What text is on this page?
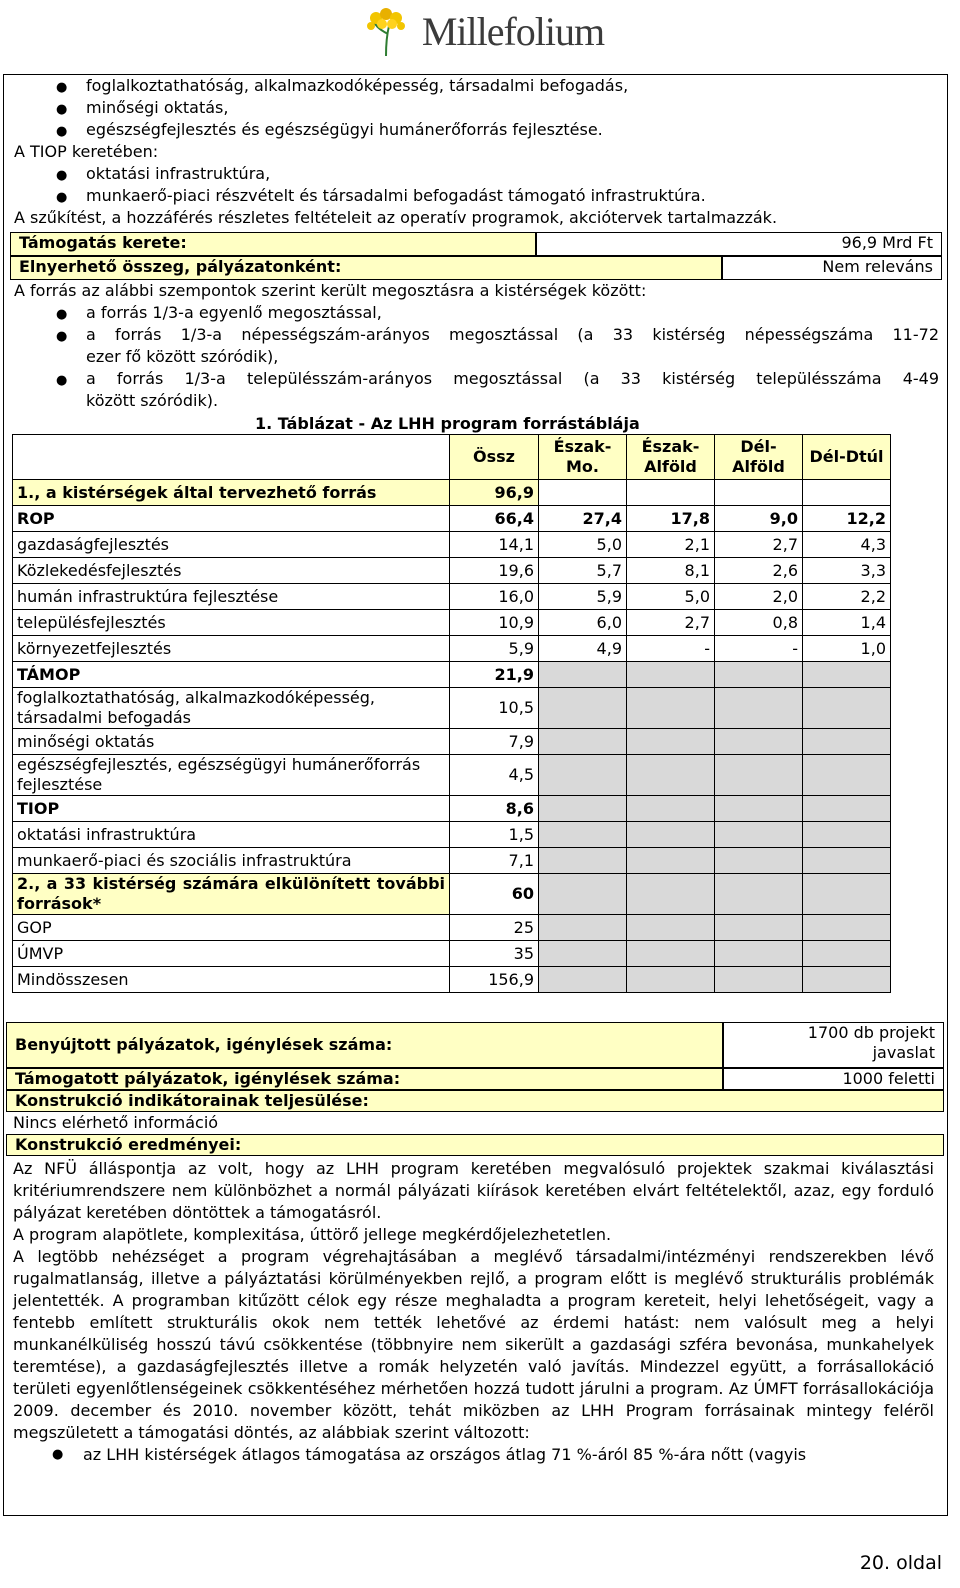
Millefolium
● foglalkoztathatóság, alkalmazkodóképesség, társadalmi befogadás,
● minőségi oktatás,
● egészségfejlesztés és egészségügyi humánerőforrás fejlesztése.
A TIOP keretében:
● oktatási infrastruktúra,
● munkaerő-piaci részvételt és társadalmi befogadást támogató infrastruktúra.
A szűkítést, a hozzáférés részletes feltételeit az operatív programok, akciótervek tartalmazzák.
Támogatás kerete:	96,9 Mrd Ft
Elnyerhető összeg, pályázatonként:	Nem releváns
A forrás az alábbi szempontok szerint került megosztásra a kistérségek között:
● a forrás 1/3-a egyenlő megosztással,
● a forrás 1/3-a népességszám-arányos megosztással (a 33 kistérség népességszáma 11-72
ezer fő között szóródik),
● a forrás 1/3-a településszám-arányos megosztással (a 33 kistérség településszáma 4-49
között szóródik).
1. Táblázat - Az LHH program forrástáblája
	Össz	Észak-Mo.	Észak-Alföld	Dél-Alföld	Dél-Dtúl
1., a kistérségek által tervezhető forrás	96,9				
ROP	66,4	27,4	17,8	9,0	12,2
gazdaságfejlesztés	14,1	5,0	2,1	2,7	4,3
Közlekedésfejlesztés	19,6	5,7	8,1	2,6	3,3
humán infrastruktúra fejlesztése	16,0	5,9	5,0	2,0	2,2
településfejlesztés	10,9	6,0	2,7	0,8	1,4
környezetfejlesztés	5,9	4,9	-	-	1,0
TÁMOP	21,9				
foglalkoztathatóság, alkalmazkodóképesség, társadalmi befogadás	10,5				
minőségi oktatás	7,9				
egészségfejlesztés, egészségügyi humánerőforrás fejlesztése	4,5				
TIOP	8,6				
oktatási infrastruktúra	1,5				
munkaerő-piaci és szociális infrastruktúra	7,1				
2., a 33 kistérség számára elkülönített további források*	60				
GOP	25				
ÚMVP	35				
Mindösszesen	156,9				
Benyújtott pályázatok, igénylések száma:
1700 db projekt
javaslat
Támogatott pályázatok, igénylések száma:	1000 feletti
Konstrukció indikátorainak teljesülése:
Nincs elérhető információ
Konstrukció eredményei:
Az NFÜ álláspontja az volt, hogy az LHH program keretében megvalósuló projektek szakmai kiválasztási kritériumrendszere nem különbözhet a normál pályázati kiírások keretében elvárt feltételektől, azaz, egy forduló pályázat keretében döntöttek a támogatásról.
A program alapötlete, komplexitása, úttörő jellege megkérdőjelezhetetlen.
A legtöbb nehézséget a program végrehajtásában a meglévő társadalmi/intézményi rendszerekben lévő rugalmatlanság, illetve a pályáztatási körülményekben rejlő, a program előtt is meglévő strukturális problémák jelentették. A programban kitűzött célok egy része meghaladta a program kereteit, helyi lehetőségeit, vagy a fentebb említett strukturális okok nem tették lehetővé az érdemi hatást: nem valósult meg a helyi munkanélküliség hosszú távú csökkentése (többnyire nem sikerült a gazdasági szféra bevonása, munkahelyek teremtése), a gazdaságfejlesztés illetve a romák helyzetén való javítás. Mindezzel együtt, a forrásallokáció területi egyenlőtlenségeinek csökkentéséhez mérhetően hozzá tudott járulni a program. Az ÚMFT forrásallokációja 2009. december és 2010. november között, tehát miközben az LHH Program forrásainak mintegy felérõl megszületett a támogatási döntés, az alábbiak szerint változott:
● az LHH kistérségek átlagos támogatása az országos átlag 71 %-áról 85 %-ára nőtt (vagyis
20. oldal
